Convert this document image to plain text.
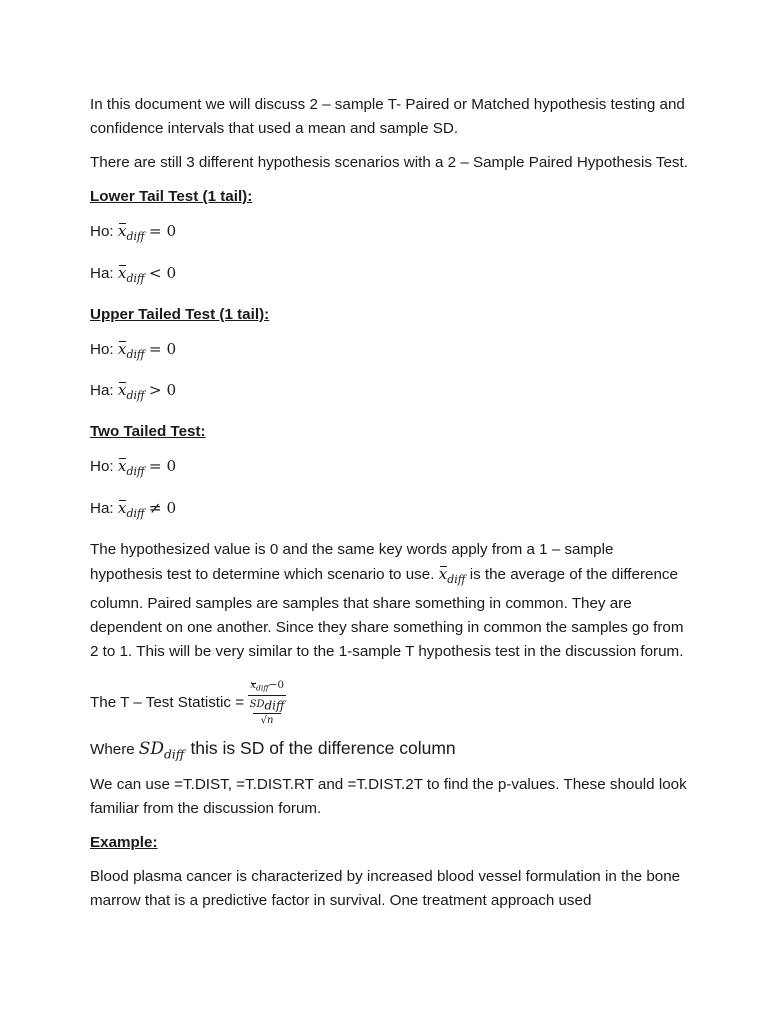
In this document we will discuss 2 – sample T- Paired or Matched hypothesis testing and confidence intervals that used a mean and sample SD.

There are still 3 different hypothesis scenarios with a 2 – Sample Paired Hypothesis Test.

Lower Tail Test (1 tail):
Ho: $x_{diff} = 0$
Ha: $x_{diff} < 0$
Upper Tailed Test (1 tail):
Ho: $x_{diff} = 0$
Ha: $x_{diff} > 0$
Two Tailed Test:
Ho: $x_{diff} = 0$
Ha: $x_{diff} \ne 0$

The hypothesized value is 0 and the same key words apply from a 1 – sample hypothesis test to determine which scenario to use. $x_{diff}$ is the average of the difference column. Paired samples are samples that share something in common. They are dependent on one another. Since they share something in common the samples go from 2 to 1. This will be very similar to the 1-sample T hypothesis test in the discussion forum.

The T – Test Statistic = $x_{diff}-0$
$SD_{diff}$
√n
Where $SD_{diff}$ this is SD of the difference column

We can use =T.DIST, =T.DIST.RT and =T.DIST.2T to find the p-values. These should look familiar from the discussion forum.

Example:

Blood plasma cancer is characterized by increased blood vessel formulation in the bone marrow that is a predictive factor in survival. One treatment approach used
